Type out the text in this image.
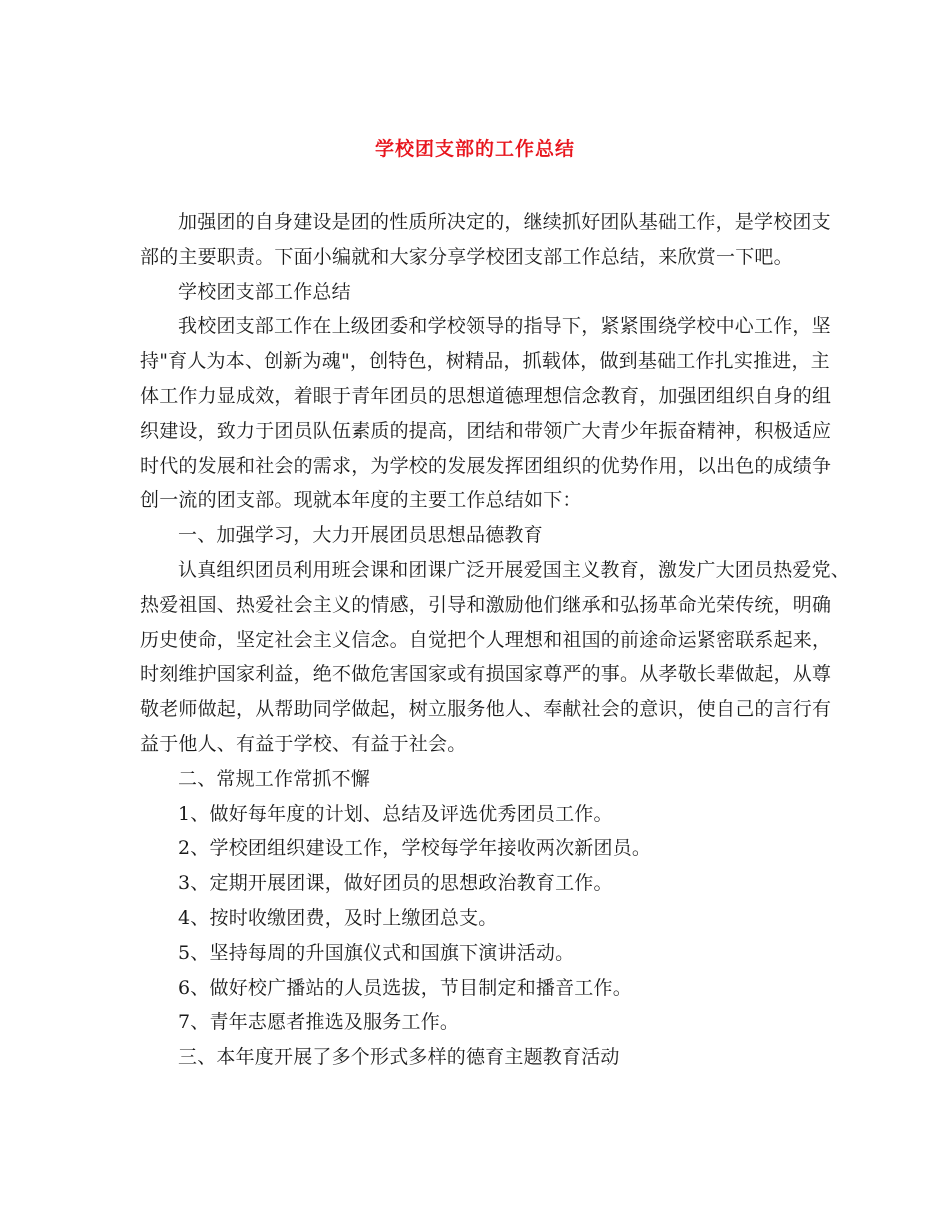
学校团支部的工作总结
加强团的自身建设是团的性质所决定的，继续抓好团队基础工作，是学校团支
部的主要职责。下面小编就和大家分享学校团支部工作总结，来欣赏一下吧。
学校团支部工作总结
我校团支部工作在上级团委和学校领导的指导下，紧紧围绕学校中心工作，坚
持"育人为本、创新为魂"，创特色，树精品，抓载体，做到基础工作扎实推进，主
体工作力显成效，着眼于青年团员的思想道德理想信念教育，加强团组织自身的组
织建设，致力于团员队伍素质的提高，团结和带领广大青少年振奋精神，积极适应
时代的发展和社会的需求，为学校的发展发挥团组织的优势作用，以出色的成绩争
创一流的团支部。现就本年度的主要工作总结如下：
一、加强学习，大力开展团员思想品德教育
认真组织团员利用班会课和团课广泛开展爱国主义教育，激发广大团员热爱党、
热爱祖国、热爱社会主义的情感，引导和激励他们继承和弘扬革命光荣传统，明确
历史使命，坚定社会主义信念。自觉把个人理想和祖国的前途命运紧密联系起来，
时刻维护国家利益，绝不做危害国家或有损国家尊严的事。从孝敬长辈做起，从尊
敬老师做起，从帮助同学做起，树立服务他人、奉献社会的意识，使自己的言行有
益于他人、有益于学校、有益于社会。
二、常规工作常抓不懈
1、做好每年度的计划、总结及评选优秀团员工作。
2、学校团组织建设工作，学校每学年接收两次新团员。
3、定期开展团课，做好团员的思想政治教育工作。
4、按时收缴团费，及时上缴团总支。
5、坚持每周的升国旗仪式和国旗下演讲活动。
6、做好校广播站的人员选拔，节目制定和播音工作。
7、青年志愿者推选及服务工作。
三、本年度开展了多个形式多样的德育主题教育活动
